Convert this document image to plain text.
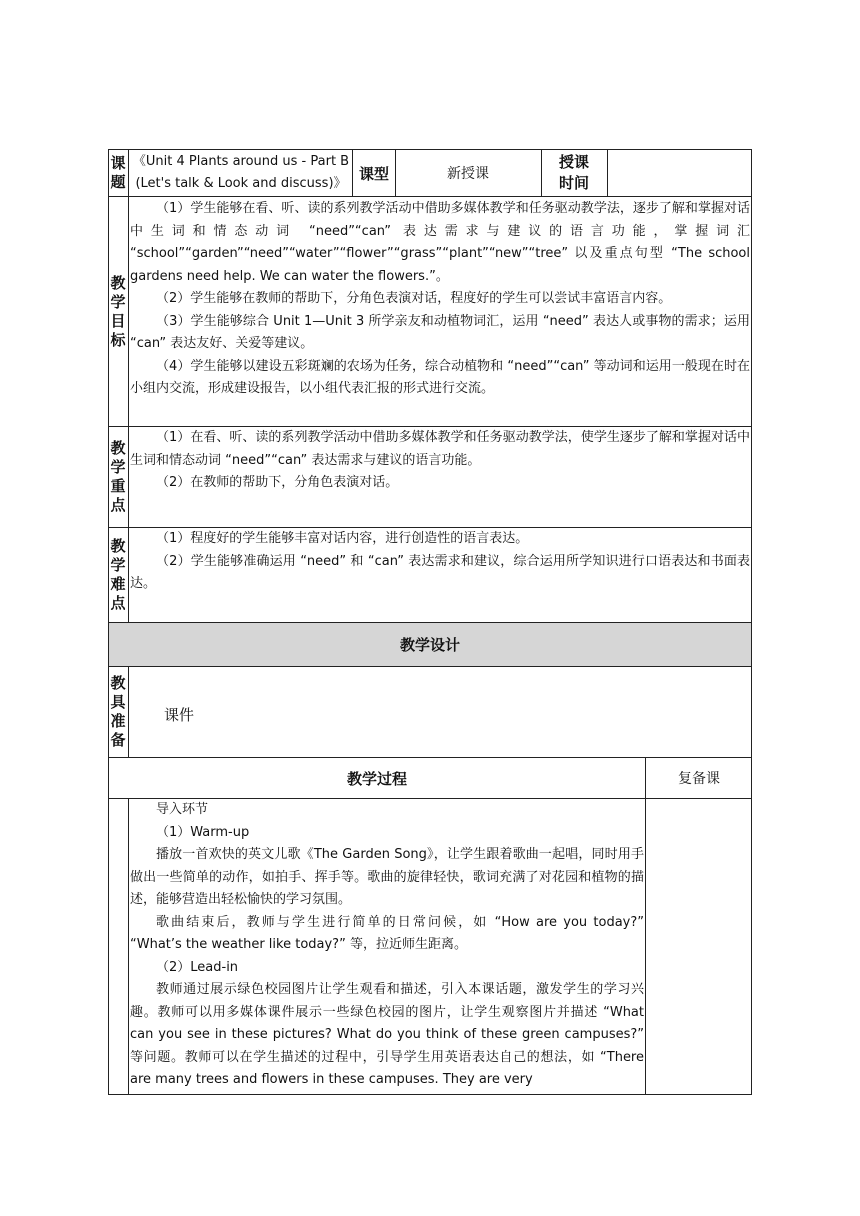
课
题
《Unit 4 Plants around us - Part B
(Let's talk & Look and discuss)》
课型	新授课
授课
时间
教
学
目
标

（1）学生能够在看、听、读的系列教学活动中借助多媒体教学和任务驱动教学法，逐步了解和掌握对话中生词和情态动词 “need”“can” 表达需求与建议的语言功能，掌握词汇 “school”“garden”“need”“water”“flower”“grass”“plant”“new”“tree” 以及重点句型 “The school gardens need help. We can water the flowers.”。

（2）学生能够在教师的帮助下，分角色表演对话，程度好的学生可以尝试丰富语言内容。

（3）学生能够综合 Unit 1—Unit 3 所学亲友和动植物词汇，运用 “need” 表达人或事物的需求；运用 “can” 表达友好、关爱等建议。

（4）学生能够以建设五彩斑斓的农场为任务，综合动植物和 “need”“can” 等动词和运用一般现在时在小组内交流，形成建设报告，以小组代表汇报的形式进行交流。

教
学
重
点

（1）在看、听、读的系列教学活动中借助多媒体教学和任务驱动教学法，使学生逐步了解和掌握对话中生词和情态动词 “need”“can” 表达需求与建议的语言功能。

（2）在教师的帮助下，分角色表演对话。

教
学
难
点

（1）程度好的学生能够丰富对话内容，进行创造性的语言表达。

（2）学生能够准确运用 “need” 和 “can” 表达需求和建议，综合运用所学知识进行口语表达和书面表达。

教学设计
教
具
准
备
课件
教学过程	复备课

导入环节

（1）Warm-up

播放一首欢快的英文儿歌《The Garden Song》，让学生跟着歌曲一起唱，同时用手做出一些简单的动作，如拍手、挥手等。歌曲的旋律轻快，歌词充满了对花园和植物的描述，能够营造出轻松愉快的学习氛围。

歌曲结束后，教师与学生进行简单的日常问候，如 “How are you today?” “What’s the weather like today?” 等，拉近师生距离。

（2）Lead-in

教师通过展示绿色校园图片让学生观看和描述，引入本课话题，激发学生的学习兴趣。教师可以用多媒体课件展示一些绿色校园的图片，让学生观察图片并描述 “What can you see in these pictures? What do you think of these green campuses?” 等问题。教师可以在学生描述的过程中，引导学生用英语表达自己的想法，如 “There are many trees and flowers in these campuses. They are very
